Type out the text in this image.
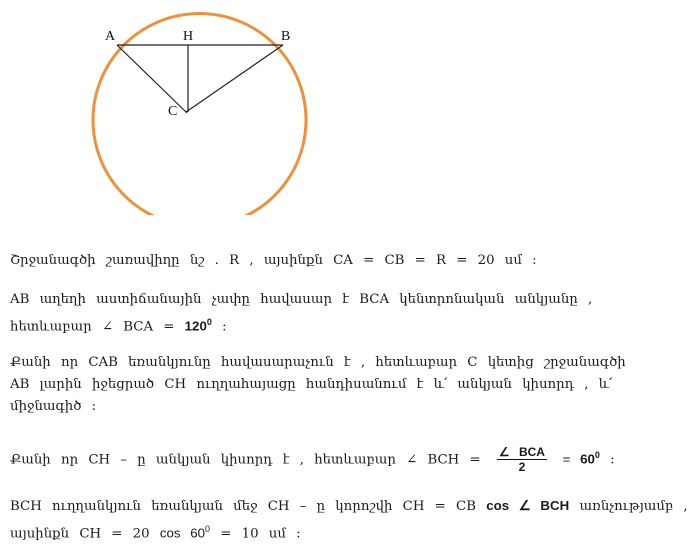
A	H	B
C
Շրջանագծի շառավիղը նշ . R , այսինքն CA = CB = R = 20 սմ :
AB աղեղի աստիճանային չափը հավասար է BCA կենտրոնական անկյանը ,
հետևաբար ∠ BCA = $120^0$ :
Քանի որ CAB եռանկյունը հավասարաչուն է , հետևաբար C կետից շրջանագծի
AB լարին իջեցրած CH ուղղահայացը հանդիսանում է և՛ անկյան կիսորդ , և՛
միջնագիծ :
Քանի որ CH – ը անկյան կիսորդ է , հետևաբար ∠ BCH = $\frac{\text{∠ BCA}}{2} = 60^0$ :
BCH ուղղանկյուն եռանկյան մեջ CH – ը կորոշվի CH = CB cos ∠ BCH առնչությամբ ,
այսինքն CH = 20 $\cos 60^0 = 10$ սմ :
